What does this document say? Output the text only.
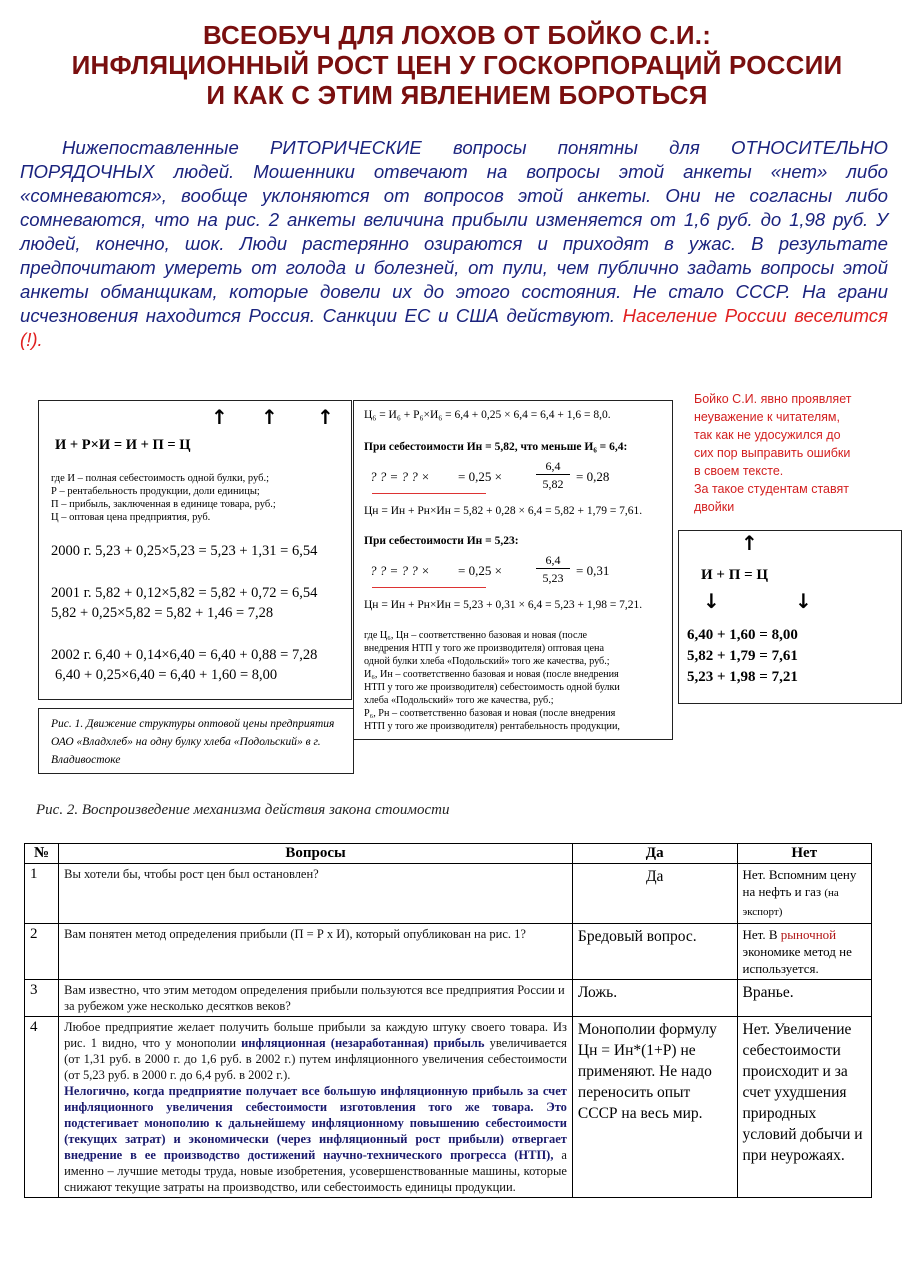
ВСЕОБУЧ ДЛЯ ЛОХОВ ОТ БОЙКО С.И.:
ИНФЛЯЦИОННЫЙ РОСТ ЦЕН У ГОСКОРПОРАЦИЙ РОССИИ
И КАК С ЭТИМ ЯВЛЕНИЕМ БОРОТЬСЯ

Нижепоставленные РИТОРИЧЕСКИЕ вопросы понятны для ОТНОСИТЕЛЬНО ПОРЯДОЧНЫХ людей. Мошенники отвечают на вопросы этой анкеты «нет» либо «сомневаются», вообще уклоняются от вопросов этой анкеты. Они не согласны либо сомневаются, что на рис. 2 анкеты величина прибыли изменяется от 1,6 руб. до 1,98 руб. У людей, конечно, шок. Люди растерянно озираются и приходят в ужас. В результате предпочитают умереть от голода и болезней, от пули, чем публично задать вопросы этой анкеты обманщикам, которые довели их до этого состояния. Не стало СССР. На грани исчезновения находится Россия. Санкции ЕС и США действуют. Население России веселится (!).

Бойко С.И. явно проявляет
неуважение к читателям,
так как не удосужился до
сих пор выправить ошибки
в своем тексте.
За такое студентам ставят
двойки
↑ ↑ ↑
И + Р×И = И + П = Ц
где И – полная себестоимость одной булки, руб.;
Р – рентабельность продукции, доли единицы;
П – прибыль, заключенная в единице товара, руб.;
Ц – оптовая цена предприятия, руб.
2000 г. 5,23 + 0,25×5,23 = 5,23 + 1,31 = 6,54
2001 г. 5,82 + 0,12×5,82 = 5,82 + 0,72 = 6,54
5,82 + 0,25×5,82 = 5,82 + 1,46 = 7,28
2002 г. 6,40 + 0,14×6,40 = 6,40 + 0,88 = 7,28
6,40 + 0,25×6,40 = 6,40 + 1,60 = 8,00
Рис. 1. Движение структуры оптовой цены предприятия ОАО «Владхлеб» на одну булку хлеба «Подольский» в г. Владивостоке
Ц₆ = И₆ + Р₆×И₆ = 6,4 + 0,25 × 6,4 = 6,4 + 1,6 = 8,0.
При себестоимости Ин = 5,82, что меньше И₆ = 6,4:
? ? = ? ? × = 0,25 ×
6,4
5,82 = 0,28
Цн = Ин + Рн×Ин = 5,82 + 0,28 × 6,4 = 5,82 + 1,79 = 7,61.
При себестоимости Ин = 5,23:
? ? = ? ? × = 0,25 ×
6,4
5,23 = 0,31
Цн = Ин + Рн×Ин = 5,23 + 0,31 × 6,4 = 5,23 + 1,98 = 7,21.
где Ц₆, Цн – соответственно базовая и новая (после
внедрения НТП у того же производителя) оптовая цена
одной булки хлеба «Подольский» того же качества, руб.;
И₆, Ин – соответственно базовая и новая (после внедрения
НТП у того же производителя) себестоимость одной булки
хлеба «Подольский» того же качества, руб.;
Р₆, Рн – соответственно базовая и новая (после внедрения
НТП у того же производителя) рентабельность продукции,
↑
И + П = Ц
↓	↓
6,40 + 1,60 = 8,00
5,82 + 1,79 = 7,61
5,23 + 1,98 = 7,21
Рис. 2. Воспроизведение механизма действия закона стоимости
№	Вопросы	Да	Нет
1	Вы хотели бы, чтобы рост цен был остановлен?	Да	Нет. Вспомним цену на нефть и газ (на экспорт)
2	Вам понятен метод определения прибыли (П = Р х И), который опубликован на рис. 1?	Бредовый вопрос.	Нет. В рыночной экономике метод не используется.
3	Вам известно, что этим методом определения прибыли пользуются все предприятия России и за рубежом уже несколько десятков веков?	Ложь.	Вранье.
4	Любое предприятие желает получить больше прибыли за каждую штуку своего товара. Из рис. 1 видно, что у монополии инфляционная (незаработанная) прибыль увеличивается (от 1,31 руб. в 2000 г. до 1,6 руб. в 2002 г.) путем инфляционного увеличения себестоимости (от 5,23 руб. в 2000 г. до 6,4 руб. в 2002 г.).
Нелогично, когда предприятие получает все большую инфляционную прибыль за счет инфляционного увеличения себестоимости изготовления того же товара. Это подстегивает монополию к дальнейшему инфляционному повышению себестоимости (текущих затрат) и экономически (через инфляционный рост прибыли) отвергает внедрение в ее производство достижений научно-технического прогресса (НТП), а именно – лучшие методы труда, новые изобретения, усовершенствованные машины, которые снижают текущие затраты на производство, или себестоимость единицы продукции.	Монополии формулу Цн = Ин*(1+Р) не применяют. Не надо переносить опыт СССР на весь мир.	Нет. Увеличение себестоимости происходит и за счет ухудшения природных условий добычи и при неурожаях.
